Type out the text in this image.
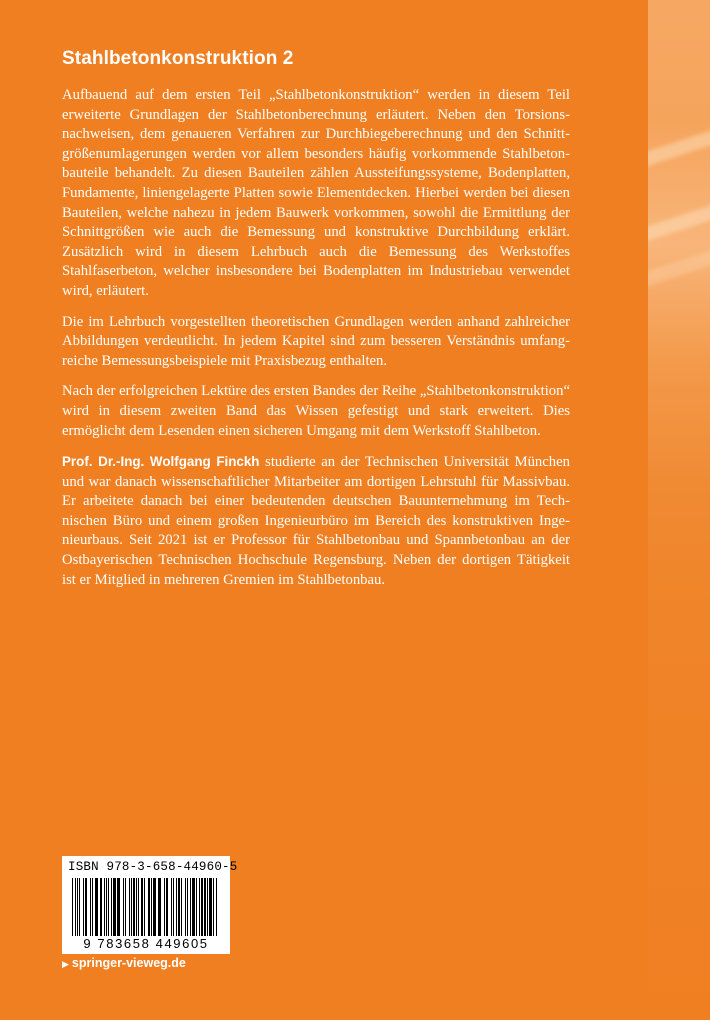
Stahlbetonkonstruktion 2

Aufbauend auf dem ersten Teil „Stahlbetonkonstruktion“ werden in diesem Teil erweiterte Grundlagen der Stahlbetonberechnung erläutert. Neben den Torsionsnachweisen, dem genaueren Verfahren zur Durchbiegeberechnung und den Schnittgrößenumlagerungen werden vor allem besonders häufig vorkommende Stahlbetonbauteile behandelt. Zu diesen Bauteilen zählen Aussteifungssysteme, Bodenplatten, Fundamente, liniengelagerte Platten sowie Elementdecken. Hierbei werden bei diesen Bauteilen, welche nahezu in jedem Bauwerk vorkommen, sowohl die Ermittlung der Schnittgrößen wie auch die Bemessung und konstruktive Durchbildung erklärt. Zusätzlich wird in diesem Lehrbuch auch die Bemessung des Werkstoffes Stahlfaserbeton, welcher insbesondere bei Bodenplatten im Industriebau verwendet wird, erläutert.

Die im Lehrbuch vorgestellten theoretischen Grundlagen werden anhand zahlreicher Abbildungen verdeutlicht. In jedem Kapitel sind zum besseren Verständnis umfangreiche Bemessungsbeispiele mit Praxisbezug enthalten.

Nach der erfolgreichen Lektüre des ersten Bandes der Reihe „Stahlbetonkonstruktion“ wird in diesem zweiten Band das Wissen gefestigt und stark erweitert. Dies ermöglicht dem Lesenden einen sicheren Umgang mit dem Werkstoff Stahlbeton.

Prof. Dr.-Ing. Wolfgang Finckh studierte an der Technischen Universität München und war danach wissenschaftlicher Mitarbeiter am dortigen Lehrstuhl für Massivbau. Er arbeitete danach bei einer bedeutenden deutschen Bauunternehmung im Technischen Büro und einem großen Ingenieurbüro im Bereich des konstruktiven Ingenieurbaus. Seit 2021 ist er Professor für Stahlbetonbau und Spannbetonbau an der Ostbayerischen Technischen Hochschule Regensburg. Neben der dortigen Tätigkeit ist er Mitglied in mehreren Gremien im Stahlbetonbau.

ISBN 978-3-658-44960-5
9 783658 449605
▶ springer-vieweg.de
